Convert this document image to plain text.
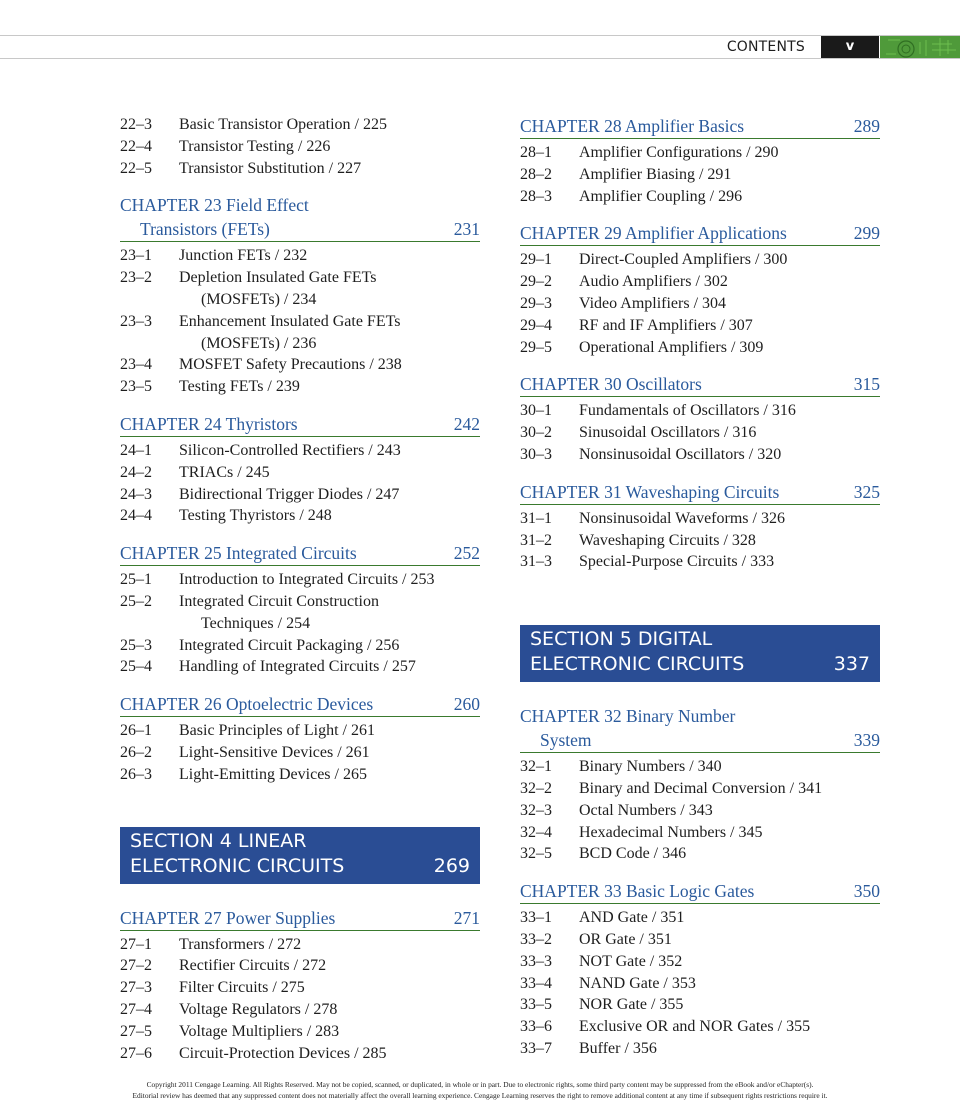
CONTENTS	v
22–3	Basic Transistor Operation / 225
22–4	Transistor Testing / 226
22–5	Transistor Substitution / 227
CHAPTER 23 Field Effect
Transistors (FETs)	231
23–1	Junction FETs / 232
23–2	Depletion Insulated Gate FETs
(MOSFETs) / 234
23–3	Enhancement Insulated Gate FETs
(MOSFETs) / 236
23–4	MOSFET Safety Precautions / 238
23–5	Testing FETs / 239
CHAPTER 24 Thyristors	242
24–1	Silicon-Controlled Rectifiers / 243
24–2	TRIACs / 245
24–3	Bidirectional Trigger Diodes / 247
24–4	Testing Thyristors / 248
CHAPTER 25 Integrated Circuits	252
25–1	Introduction to Integrated Circuits / 253
25–2	Integrated Circuit Construction
Techniques / 254
25–3	Integrated Circuit Packaging / 256
25–4	Handling of Integrated Circuits / 257
CHAPTER 26 Optoelectric Devices	260
26–1	Basic Principles of Light / 261
26–2	Light-Sensitive Devices / 261
26–3	Light-Emitting Devices / 265
SECTION 4 LINEAR
ELECTRONIC CIRCUITS	269
CHAPTER 27 Power Supplies	271
27–1	Transformers / 272
27–2	Rectifier Circuits / 272
27–3	Filter Circuits / 275
27–4	Voltage Regulators / 278
27–5	Voltage Multipliers / 283
27–6	Circuit-Protection Devices / 285
CHAPTER 28 Amplifier Basics	289
28–1	Amplifier Configurations / 290
28–2	Amplifier Biasing / 291
28–3	Amplifier Coupling / 296
CHAPTER 29 Amplifier Applications	299
29–1	Direct-Coupled Amplifiers / 300
29–2	Audio Amplifiers / 302
29–3	Video Amplifiers / 304
29–4	RF and IF Amplifiers / 307
29–5	Operational Amplifiers / 309
CHAPTER 30 Oscillators	315
30–1	Fundamentals of Oscillators / 316
30–2	Sinusoidal Oscillators / 316
30–3	Nonsinusoidal Oscillators / 320
CHAPTER 31 Waveshaping Circuits	325
31–1	Nonsinusoidal Waveforms / 326
31–2	Waveshaping Circuits / 328
31–3	Special-Purpose Circuits / 333
SECTION 5 DIGITAL
ELECTRONIC CIRCUITS	337
CHAPTER 32 Binary Number
System	339
32–1	Binary Numbers / 340
32–2	Binary and Decimal Conversion / 341
32–3	Octal Numbers / 343
32–4	Hexadecimal Numbers / 345
32–5	BCD Code / 346
CHAPTER 33 Basic Logic Gates	350
33–1	AND Gate / 351
33–2	OR Gate / 351
33–3	NOT Gate / 352
33–4	NAND Gate / 353
33–5	NOR Gate / 355
33–6	Exclusive OR and NOR Gates / 355
33–7	Buffer / 356
Copyright 2011 Cengage Learning. All Rights Reserved. May not be copied, scanned, or duplicated, in whole or in part. Due to electronic rights, some third party content may be suppressed from the eBook and/or eChapter(s).
Editorial review has deemed that any suppressed content does not materially affect the overall learning experience. Cengage Learning reserves the right to remove additional content at any time if subsequent rights restrictions require it.
